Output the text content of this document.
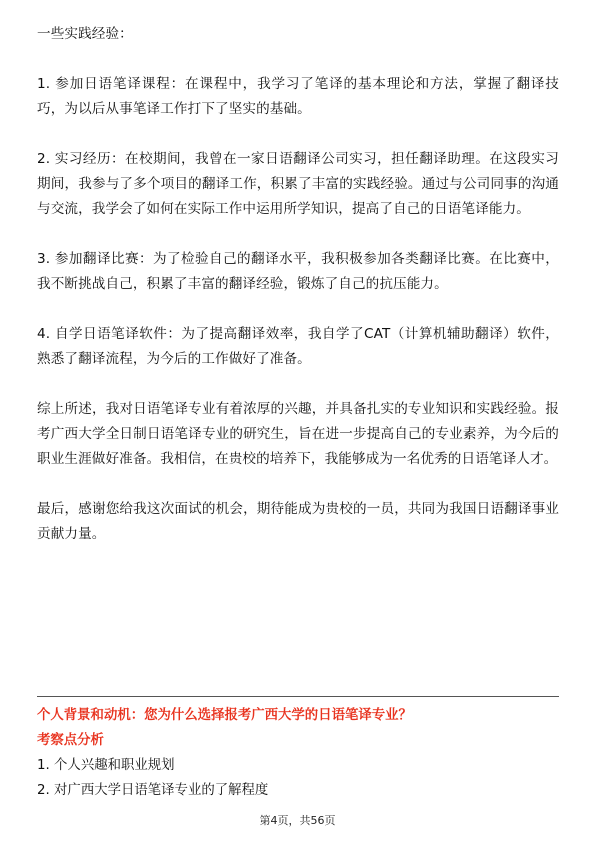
一些实践经验：

1. 参加日语笔译课程：在课程中，我学习了笔译的基本理论和方法，掌握了翻译技巧，为以后从事笔译工作打下了坚实的基础。

2. 实习经历：在校期间，我曾在一家日语翻译公司实习，担任翻译助理。在这段实习期间，我参与了多个项目的翻译工作，积累了丰富的实践经验。通过与公司同事的沟通与交流，我学会了如何在实际工作中运用所学知识，提高了自己的日语笔译能力。

3. 参加翻译比赛：为了检验自己的翻译水平，我积极参加各类翻译比赛。在比赛中，我不断挑战自己，积累了丰富的翻译经验，锻炼了自己的抗压能力。

4. 自学日语笔译软件：为了提高翻译效率，我自学了CAT（计算机辅助翻译）软件，熟悉了翻译流程，为今后的工作做好了准备。

综上所述，我对日语笔译专业有着浓厚的兴趣，并具备扎实的专业知识和实践经验。报考广西大学全日制日语笔译专业的研究生，旨在进一步提高自己的专业素养，为今后的职业生涯做好准备。我相信，在贵校的培养下，我能够成为一名优秀的日语笔译人才。

最后，感谢您给我这次面试的机会，期待能成为贵校的一员，共同为我国日语翻译事业贡献力量。

个人背景和动机：您为什么选择报考广西大学的日语笔译专业？

考察点分析

1. 个人兴趣和职业规划

2. 对广西大学日语笔译专业的了解程度

第4页，共56页
